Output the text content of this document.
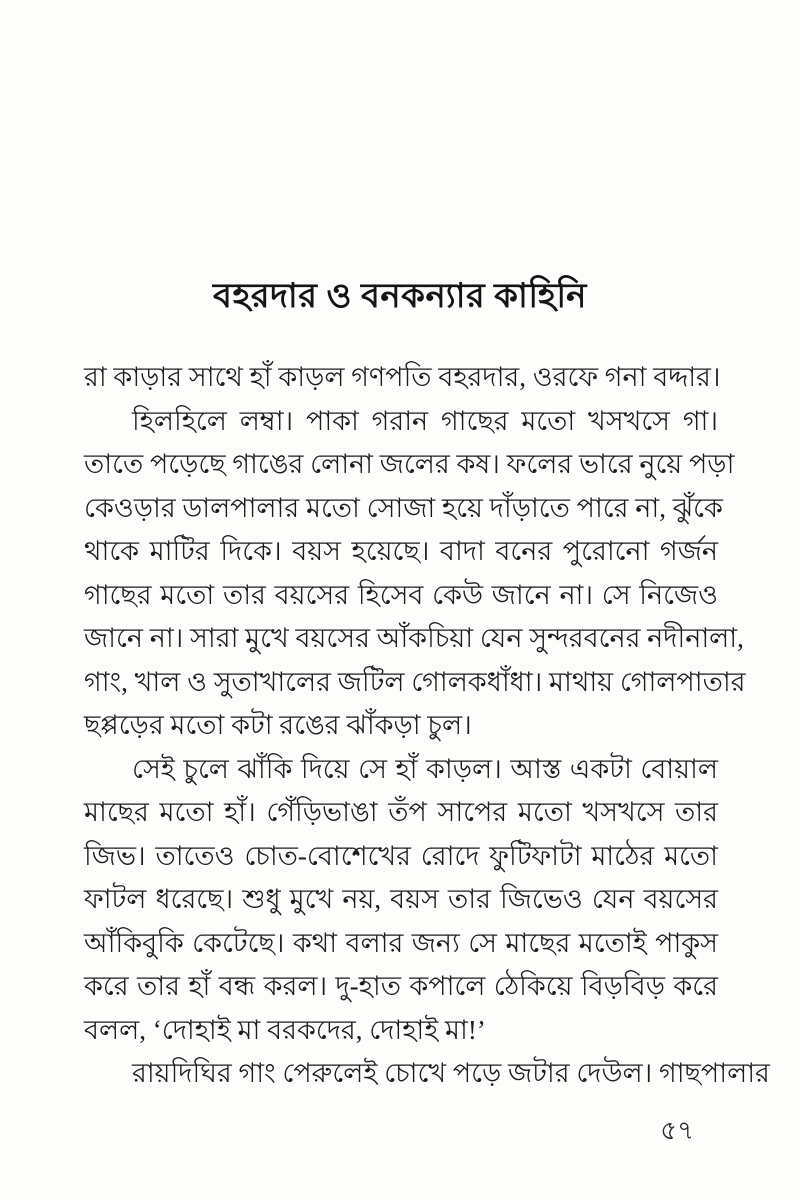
বহরদার ও বনকন্যার কাহিনি
রা কাড়ার সাথে হাঁ কাড়ল গণপতি বহরদার, ওরফে গনা বদ্দার।
হিলহিলে লম্বা। পাকা গরান গাছের মতো খসখসে গা।
তাতে পড়েছে গাঙের লোনা জলের কষ। ফলের ভারে নুয়ে পড়া
কেওড়ার ডালপালার মতো সোজা হয়ে দাঁড়াতে পারে না, ঝুঁকে
থাকে মাটির দিকে। বয়স হয়েছে। বাদা বনের পুরোনো গর্জন
গাছের মতো তার বয়সের হিসেব কেউ জানে না। সে নিজেও
জানে না। সারা মুখে বয়সের আঁকচিয়া যেন সুন্দরবনের নদীনালা,
গাং, খাল ও সুতাখালের জটিল গোলকধাঁধা। মাথায় গোলপাতার
ছপ্পড়ের মতো কটা রঙের ঝাঁকড়া চুল।
সেই চুলে ঝাঁকি দিয়ে সে হাঁ কাড়ল। আস্ত একটা বোয়াল
মাছের মতো হাঁ। গেঁড়িভাঙা তঁপ সাপের মতো খসখসে তার
জিভ। তাতেও চোত-বোশেখের রোদে ফুটিফাটা মাঠের মতো
ফাটল ধরেছে। শুধু মুখে নয়, বয়স তার জিভেও যেন বয়সের
আঁকিবুকি কেটেছে। কথা বলার জন্য সে মাছের মতোই পাকুস
করে তার হাঁ বন্ধ করল। দু-হাত কপালে ঠেকিয়ে বিড়বিড় করে
বলল, ‘দোহাই মা বরকদের, দোহাই মা!’
রায়দিঘির গাং পেরুলেই চোখে পড়ে জটার দেউল। গাছপালার
৫৭
